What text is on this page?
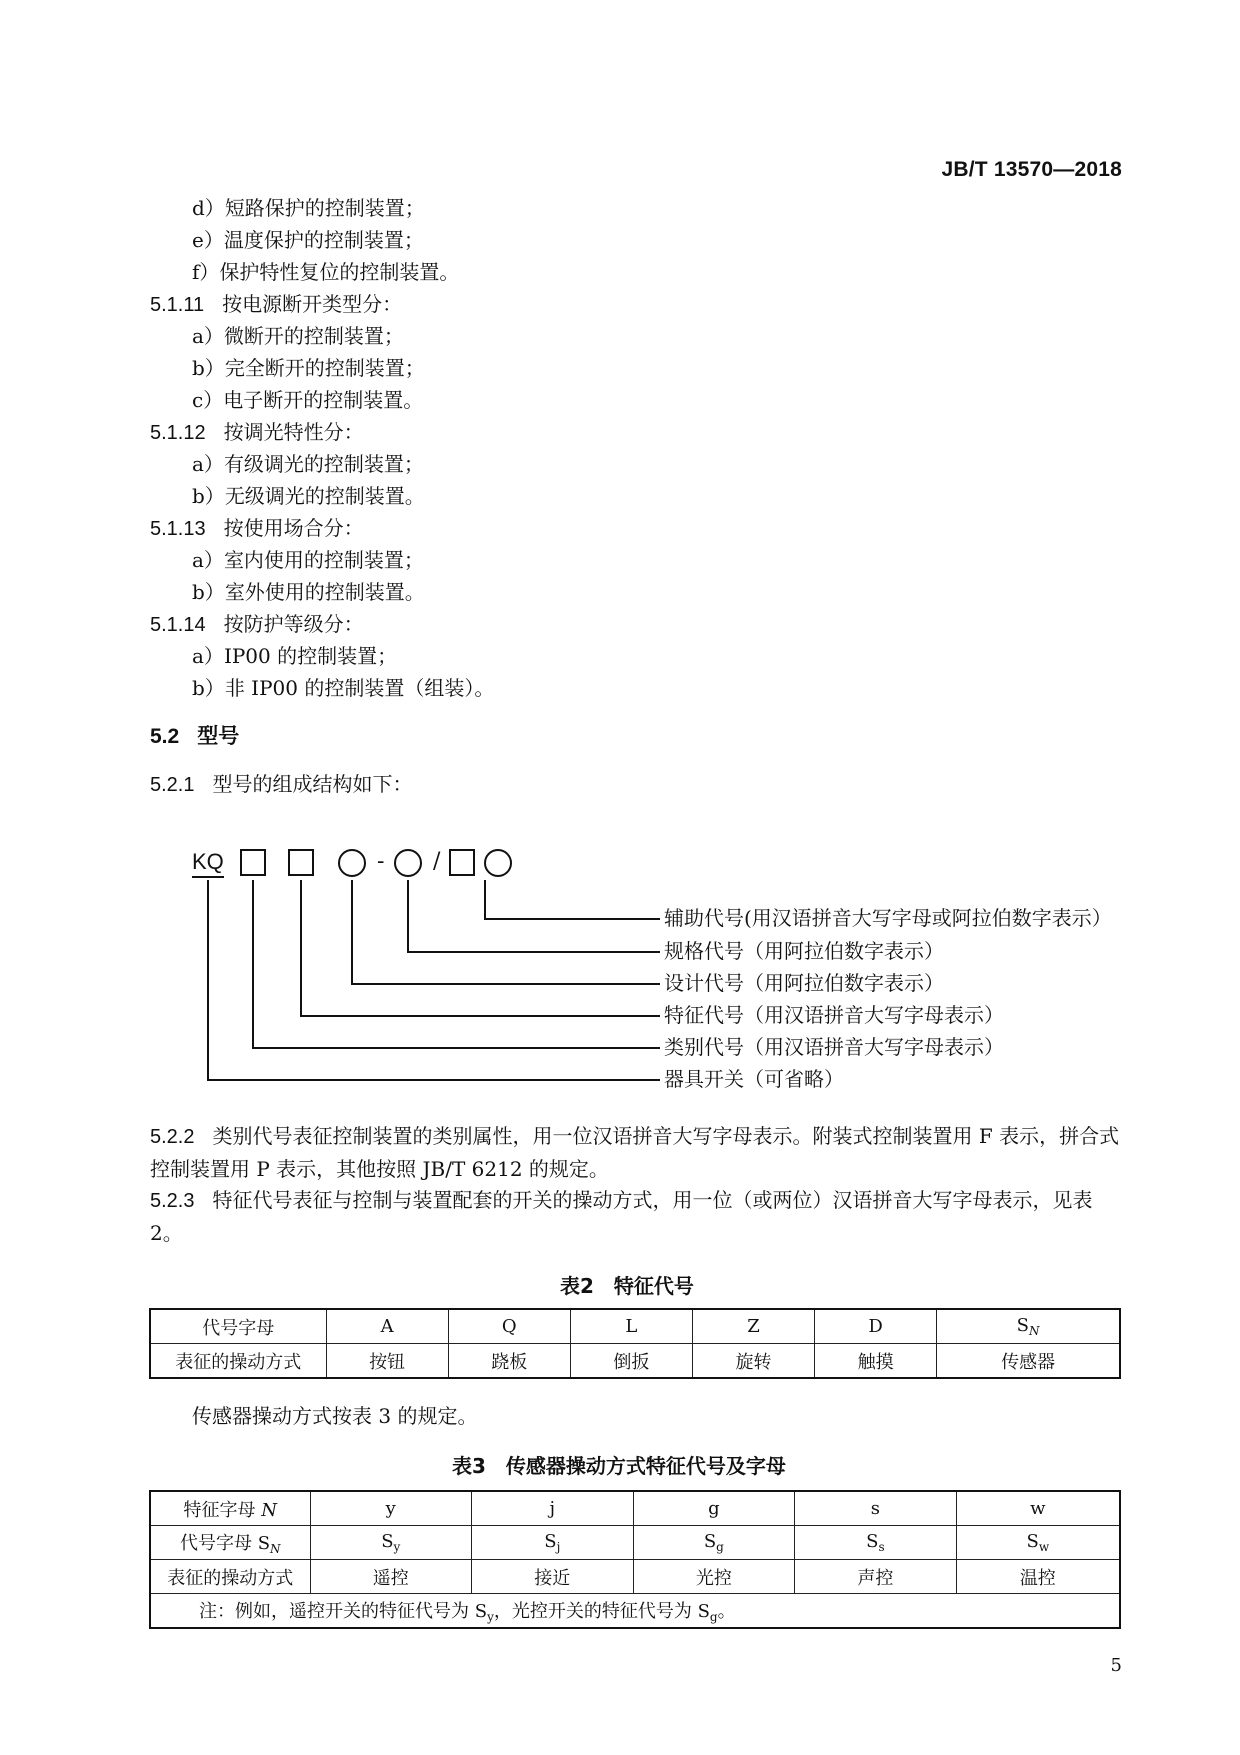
JB/T 13570—2018
d）短路保护的控制装置；
e）温度保护的控制装置；
f）保护特性复位的控制装置。
5.1.11 按电源断开类型分：
a）微断开的控制装置；
b）完全断开的控制装置；
c）电子断开的控制装置。
5.1.12 按调光特性分：
a）有级调光的控制装置；
b）无级调光的控制装置。
5.1.13 按使用场合分：
a）室内使用的控制装置；
b）室外使用的控制装置。
5.1.14 按防护等级分：
a）IP00 的控制装置；
b）非 IP00 的控制装置（组装）。
5.2 型号
5.2.1 型号的组成结构如下：
KQ	- /
辅助代号(用汉语拼音大写字母或阿拉伯数字表示）
规格代号（用阿拉伯数字表示）
设计代号（用阿拉伯数字表示）
特征代号（用汉语拼音大写字母表示）
类别代号（用汉语拼音大写字母表示）
器具开关（可省略）
5.2.2 类别代号表征控制装置的类别属性，用一位汉语拼音大写字母表示。附装式控制装置用 F 表示，拼合式控制装置用 P 表示，其他按照 JB/T 6212 的规定。
5.2.3 特征代号表征与控制与装置配套的开关的操动方式，用一位（或两位）汉语拼音大写字母表示，见表 2。
表2　特征代号
代号字母	A	Q	L	Z	D	$S_N$
表征的操动方式	按钮	跷板	倒扳	旋转	触摸	传感器
传感器操动方式按表 3 的规定。
表3　传感器操动方式特征代号及字母
特征字母 N	y	j	g	s	w
代号字母 $S_N$	$S_y$	$S_j$	$S_g$	$S_s$	$S_w$
表征的操动方式	遥控	接近	光控	声控	温控
注：例如，遥控开关的特征代号为 $S_y$，光控开关的特征代号为 $S_g$。					
5
